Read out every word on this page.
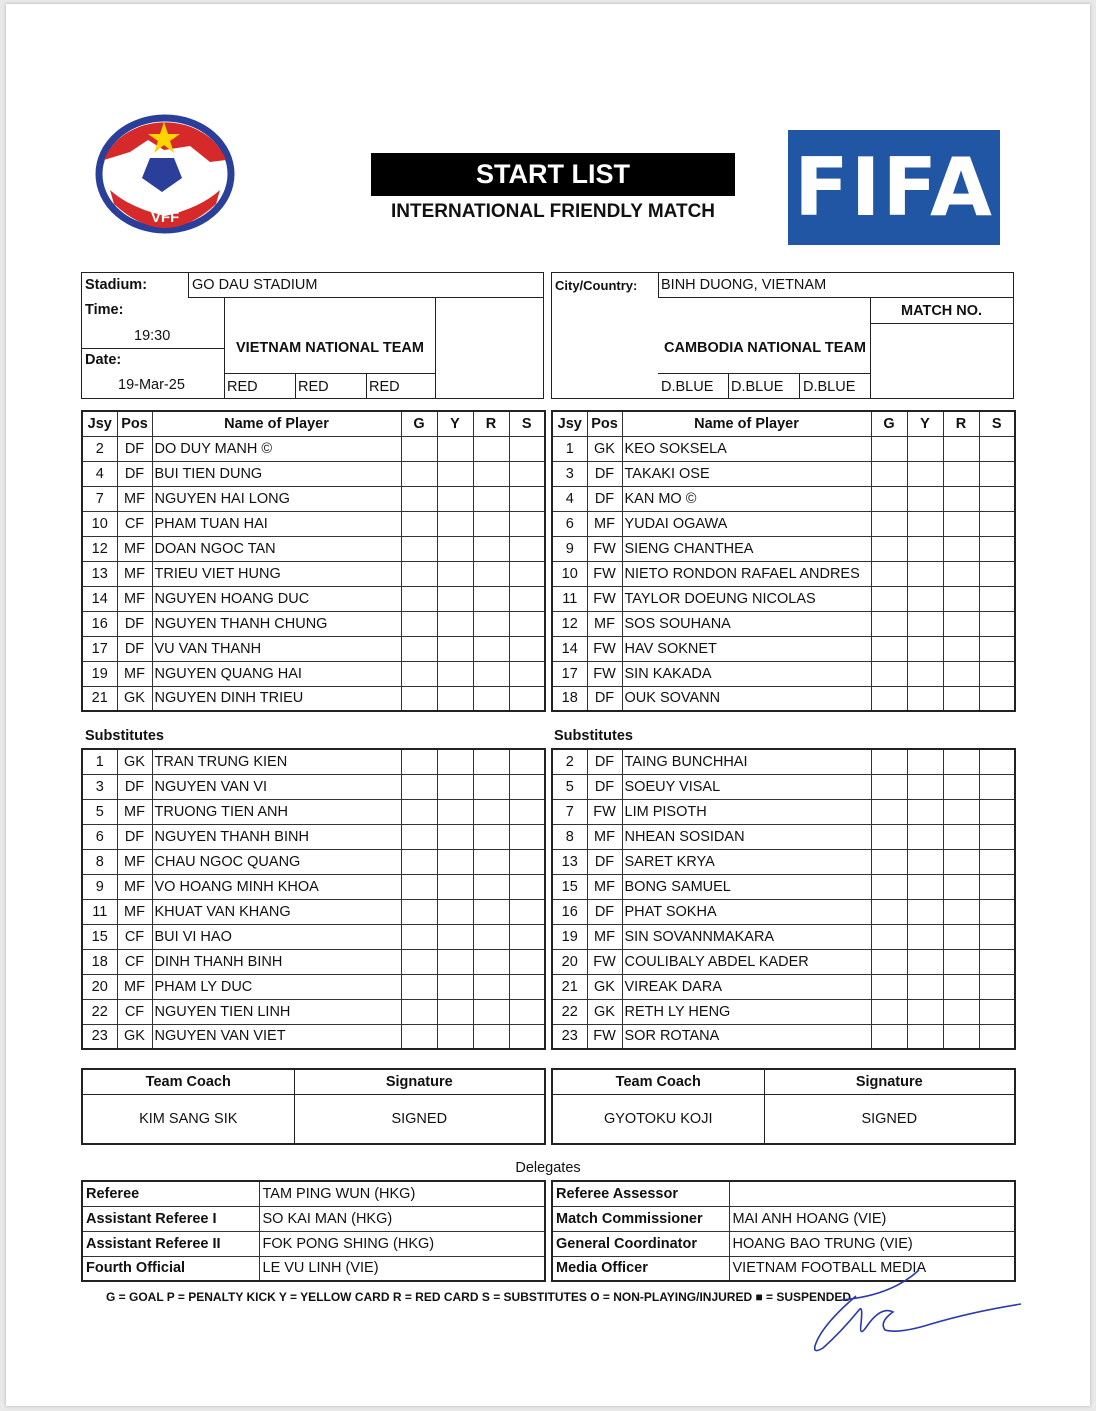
VFF
START LIST
INTERNATIONAL FRIENDLY MATCH FIFA
Stadium:	GO DAU STADIUM
Time:
19:30
Date:
19-Mar-25
VIETNAM NATIONAL TEAM
RED	RED	RED
City/Country: BINH DUONG, VIETNAM
CAMBODIA NATIONAL TEAM
MATCH NO.
D.BLUE D.BLUE D.BLUE
Jsy	Pos	Name of Player	G	Y	R	S
2	DF	DO DUY MANH ©				
4	DF	BUI TIEN DUNG				
7	MF	NGUYEN HAI LONG				
10	CF	PHAM TUAN HAI				
12	MF	DOAN NGOC TAN				
13	MF	TRIEU VIET HUNG				
14	MF	NGUYEN HOANG DUC				
16	DF	NGUYEN THANH CHUNG				
17	DF	VU VAN THANH				
19	MF	NGUYEN QUANG HAI				
21	GK	NGUYEN DINH TRIEU				
Jsy	Pos	Name of Player	G	Y	R	S
1	GK	KEO SOKSELA				
3	DF	TAKAKI OSE				
4	DF	KAN MO ©				
6	MF	YUDAI OGAWA				
9	FW	SIENG CHANTHEA				
10	FW	NIETO RONDON RAFAEL ANDRES				
11	FW	TAYLOR DOEUNG NICOLAS				
12	MF	SOS SOUHANA				
14	FW	HAV SOKNET				
17	FW	SIN KAKADA				
18	DF	OUK SOVANN				
Substitutes	Substitutes
1	GK	TRAN TRUNG KIEN				
3	DF	NGUYEN VAN VI				
5	MF	TRUONG TIEN ANH				
6	DF	NGUYEN THANH BINH				
8	MF	CHAU NGOC QUANG				
9	MF	VO HOANG MINH KHOA				
11	MF	KHUAT VAN KHANG				
15	CF	BUI VI HAO				
18	CF	DINH THANH BINH				
20	MF	PHAM LY DUC				
22	CF	NGUYEN TIEN LINH				
23	GK	NGUYEN VAN VIET				
2	DF	TAING BUNCHHAI				
5	DF	SOEUY VISAL				
7	FW	LIM PISOTH				
8	MF	NHEAN SOSIDAN				
13	DF	SARET KRYA				
15	MF	BONG SAMUEL				
16	DF	PHAT SOKHA				
19	MF	SIN SOVANNMAKARA				
20	FW	COULIBALY ABDEL KADER				
21	GK	VIREAK DARA				
22	GK	RETH LY HENG				
23	FW	SOR ROTANA				
Team Coach	Signature
KIM SANG SIK	SIGNED
Team Coach	Signature
GYOTOKU KOJI	SIGNED
Delegates
Referee	TAM PING WUN (HKG)
Assistant Referee I	SO KAI MAN (HKG)
Assistant Referee II	FOK PONG SHING (HKG)
Fourth Official	LE VU LINH (VIE)
Referee Assessor	
Match Commissioner	MAI ANH HOANG (VIE)
General Coordinator	HOANG BAO TRUNG (VIE)
Media Officer	VIETNAM FOOTBALL MEDIA
G = GOAL P = PENALTY KICK Y = YELLOW CARD R = RED CARD S = SUBSTITUTES O = NON-PLAYING/INJURED ■ = SUSPENDED
